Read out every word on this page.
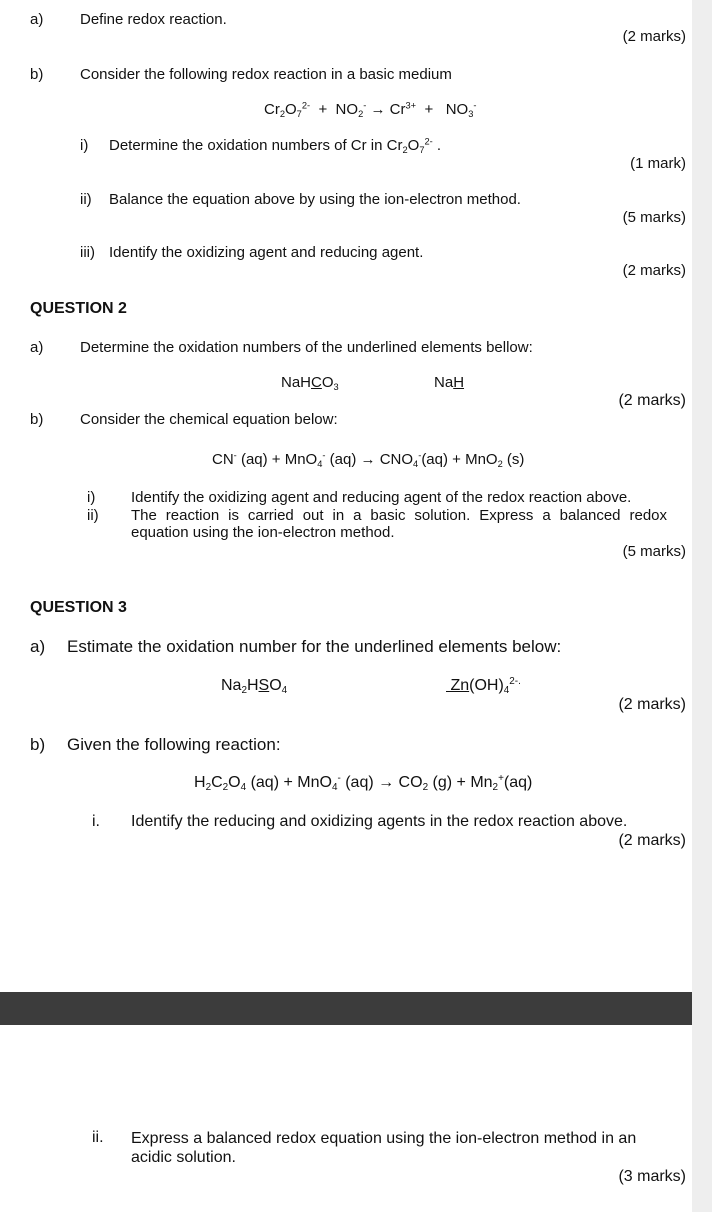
a) Define redox reaction.
(2 marks)
b) Consider the following redox reaction in a basic medium
$Cr_2O_7^{2-} + NO_2^- \to Cr^{3+} + NO_3^-$
i) Determine the oxidation numbers of Cr in $Cr_2O_7^{2-}$ .
(1 mark)
ii) Balance the equation above by using the ion-electron method.
(5 marks)
iii) Identify the oxidizing agent and reducing agent.
(2 marks)
QUESTION 2
a) Determine the oxidation numbers of the underlined elements bellow:
NaHCO$_3$	NaH
(2 marks)
b) Consider the chemical equation below:
CN- (aq) + MnO$_4$- $(aq) \to CNO_4^-(aq) + MnO_2$ (s)
i) Identify the oxidizing agent and reducing agent of the redox reaction above.
ii) The reaction is carried out in a basic solution. Express a balanced redox equation using the ion-electron method.
(5 marks)
QUESTION 3
a) Estimate the oxidation number for the underlined elements below:
$Na_2HSO_4$	$Zn(OH)_4^{2-.}$
(2 marks)
b) Given the following reaction:
$H_2C_2O_4$ (aq) + MnO$_4$- $(aq) \to CO_2$ $(g) + Mn_2^+(aq)$
i. Identify the reducing and oxidizing agents in the redox reaction above.
(2 marks)
ii. Express a balanced redox equation using the ion-electron method in an acidic solution.
(3 marks)
